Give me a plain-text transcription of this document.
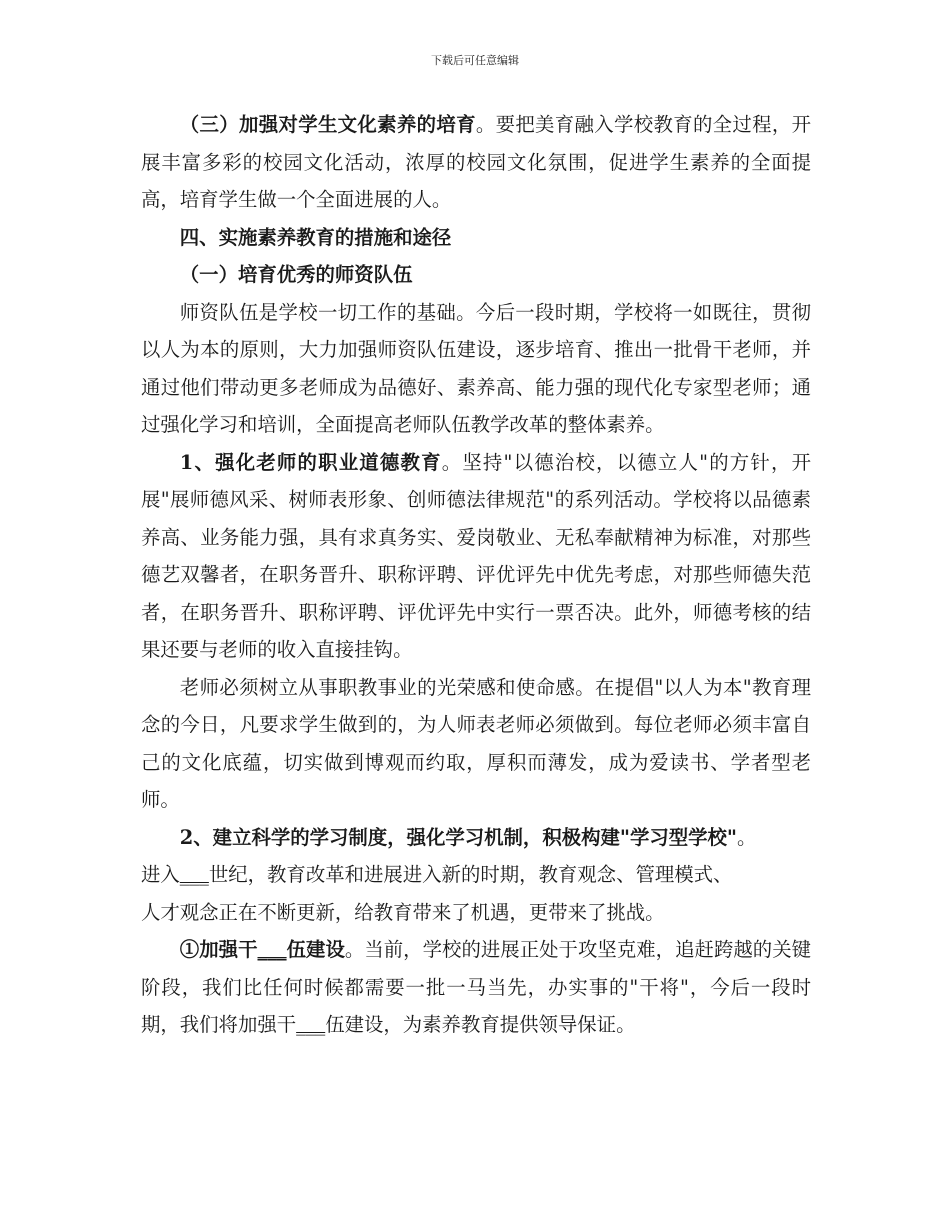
下载后可任意编辑

（三）加强对学生文化素养的培育。要把美育融入学校教育的全过程，开展丰富多彩的校园文化活动，浓厚的校园文化氛围，促进学生素养的全面提高，培育学生做一个全面进展的人。

四、实施素养教育的措施和途径

（一）培育优秀的师资队伍

师资队伍是学校一切工作的基础。今后一段时期，学校将一如既往，贯彻以人为本的原则，大力加强师资队伍建设，逐步培育、推出一批骨干老师，并通过他们带动更多老师成为品德好、素养高、能力强的现代化专家型老师；通过强化学习和培训，全面提高老师队伍教学改革的整体素养。

1、强化老师的职业道德教育。坚持"以德治校，以德立人"的方针，开展"展师德风采、树师表形象、创师德法律规范"的系列活动。学校将以品德素养高、业务能力强，具有求真务实、爱岗敬业、无私奉献精神为标准，对那些德艺双馨者，在职务晋升、职称评聘、评优评先中优先考虑，对那些师德失范者，在职务晋升、职称评聘、评优评先中实行一票否决。此外，师德考核的结果还要与老师的收入直接挂钩。

老师必须树立从事职教事业的光荣感和使命感。在提倡"以人为本"教育理念的今日，凡要求学生做到的，为人师表老师必须做到。每位老师必须丰富自己的文化底蕴，切实做到博观而约取，厚积而薄发，成为爱读书、学者型老师。

2、建立科学的学习制度，强化学习机制，积极构建"学习型学校"。

进入___世纪，教育改革和进展进入新的时期，教育观念、管理模式、

人才观念正在不断更新，给教育带来了机遇，更带来了挑战。

①加强干___伍建设。当前，学校的进展正处于攻坚克难，追赶跨越的关键阶段，我们比任何时候都需要一批一马当先，办实事的"干将"，今后一段时期，我们将加强干___伍建设，为素养教育提供领导保证。
